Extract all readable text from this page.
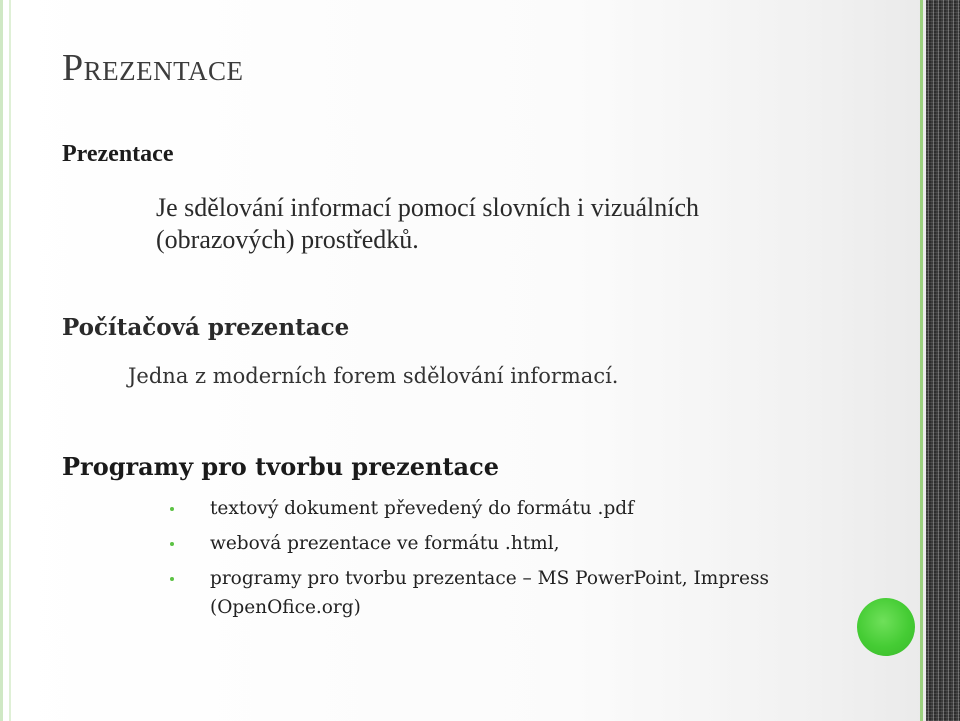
Prezentace
Prezentace

Je sdělování informací pomocí slovních i vizuálních (obrazových) prostředků.

Počítačová prezentace

Jedna z moderních forem sdělování informací.

Programy pro tvorbu prezentace
textový dokument převedený do formátu .pdf
webová prezentace ve formátu .html,
programy pro tvorbu prezentace – MS PowerPoint, Impress (OpenOfice.org)
